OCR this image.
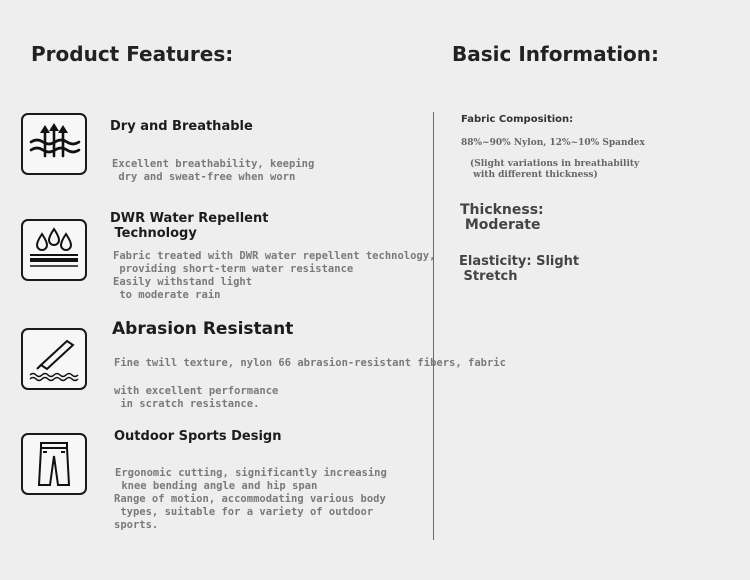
Product Features:	Basic Information:
Dry and Breathable
Excellent breathability, keeping
dry and sweat-free when worn
DWR Water Repellent
Technology
Fabric treated with DWR water repellent technology,
providing short-term water resistance
Easily withstand light
to moderate rain
Abrasion Resistant
Fine twill texture, nylon 66 abrasion-resistant fibers, fabric
with excellent performance
in scratch resistance.
Outdoor Sports Design
Ergonomic cutting, significantly increasing
knee bending angle and hip span
Range of motion, accommodating various body
types, suitable for a variety of outdoor
sports.
Fabric Composition:
88%~90% Nylon, 12%~10% Spandex
(Slight variations in breathability
with different thickness)
Thickness:
Moderate
Elasticity: Slight
Stretch
